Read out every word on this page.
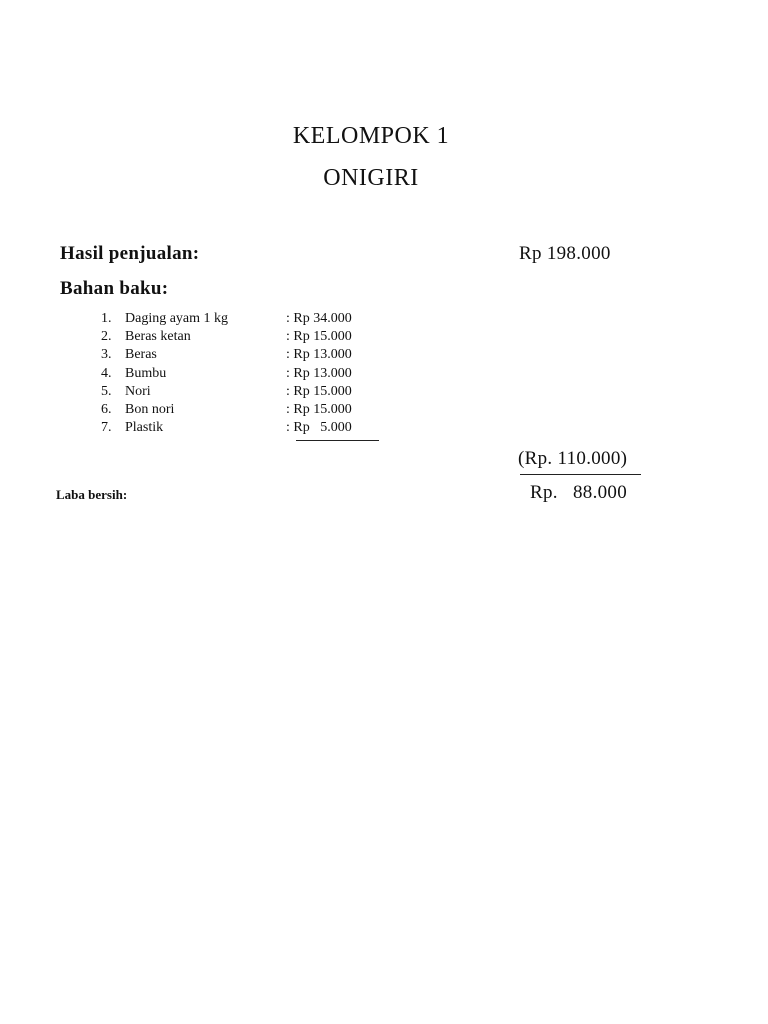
KELOMPOK 1
ONIGIRI
Hasil penjualan:	Rp 198.000
Bahan baku:
1. Daging ayam 1 kg	: Rp 34.000
2. Beras ketan	: Rp 15.000
3. Beras	: Rp 13.000
4. Bumbu	: Rp 13.000
5. Nori	: Rp 15.000
6. Bon nori	: Rp 15.000
7. Plastik	: Rp   5.000
(Rp. 110.000)
Laba bersih:	Rp.   88.000
